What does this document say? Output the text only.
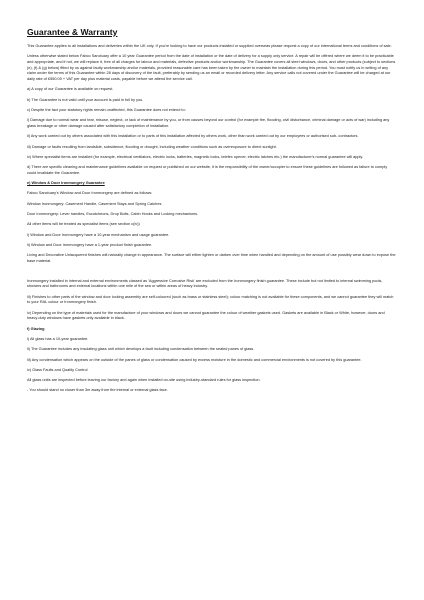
Guarantee & Warranty

This Guarantee applies to all installations and deliveries within the UK only. If you're looking to have our products installed or supplied overseas please request a copy of our international terms and conditions of sale.

Unless otherwise stated below Fabco Sanctuary offer a 10 year Guarantee period from the date of installation or the date of delivery for a supply only service. A repair will be offered where we deem it to be practicable and appropriate, and if not, we will replace it, free of all charges for labour and materials, defective products and/or workmanship. The Guarantee covers all steel windows, doors, and other products (subject to sections (e), (f) & (g) below) fitted by us against faulty workmanship and/or materials, provided reasonable care has been taken by the owner to maintain the installation during this period. You must notify us in writing of any claim under the terms of this Guarantee within 28 days of discovery of the fault, preferably by sending us an email or recorded delivery letter. Any service calls not covered under the Guarantee will be charged at our daily rate of £550.00 + VAT per day plus material costs, payable before we attend the service call.

a) A copy of our Guarantee is available on request.

b) The Guarantee is not valid until your account is paid in full by you.

c) Despite the fact your statutory rights remain unaffected, this Guarantee does not extend to:

i) Damage due to normal wear and tear, misuse, neglect, or lack of maintenance by you, or from causes beyond our control (for example fire, flooding, civil disturbance, criminal damage or acts of war) including any glass breakage or other damage caused after satisfactory completion of installation.

ii) Any work carried out by others associated with this installation or to parts of this installation affected by others work, other than work carried out by our employees or authorised sub- contractors.

iii) Damage or faults resulting from landslide, subsidence, flooding or drought, including weather conditions such as overexposure to direct sunlight.

iv) Where specialist items are installed (for example, electrical ventilators, electric locks, batteries, magnetic locks, telefex opener, electric latches etc.) the manufacturer's normal guarantee will apply.

d) There are specific cleaning and maintenance guidelines available on request or published on our website, it is the responsibility of the owner/occupier to ensure these guidelines are followed as failure to comply could invalidate the Guarantee.

e) Window & Door Ironmongery Guarantee

Fabco Sanctuary's Window and Door Ironmongery are defined as follows:

Window Ironmongery: Casement Handle, Casement Stays and Spring Catches

Door Ironmongery: Lever handles, Escutcheons, Drop Bolts, Cabin Hooks and Locking mechanisms.

All other items will be treated as specialist items (see section c(iv))

i) Window and Door Ironmongery have a 10-year mechanism and usage guarantee.

ii) Window and Door Ironmongery have a 1-year product finish guarantee.

Living and Decorative Unlacquered finishes will naturally change in appearance. The surface will either lighten or darken over time when handled and depending on the amount of use possibly wear down to expose the base material.

Ironmongery installed in internal and external environments classed as 'Aggressive Corrosive Risk' are excluded from the Ironmongery finish guarantee. These include but not limited to internal swimming pools, showers and bathrooms and external locations within one mile of the sea or within areas of heavy industry.

iii) Finishes to other parts of the window and door locking assembly are self-coloured (such as brass or stainless steel); colour matching is not available for these components, and we cannot guarantee they will match to your RAL colour or Ironmongery finish.

iv) Depending on the type of materials used for the manufacture of your windows and doors we cannot guarantee the colour of weather gaskets used. Gaskets are available in Black or White, however, doors and heavy-duty windows have gaskets only available in black.

f) Glazing

i) All glass has a 10-year guarantee.

ii) The Guarantee includes any insulating glass unit which develops a fault including condensation between the sealed panes of glass.

iii) Any condensation which appears on the outside of the panes of glass or condensation caused by excess moisture in the domestic and commercial environments is not covered by this guarantee.

iv) Glass Faults and Quality Control

All glass units are inspected before leaving our factory and again when installed on-site using industry-standard rules for glass inspection.

- You should stand no closer than 3m away from the internal or external glass face.
